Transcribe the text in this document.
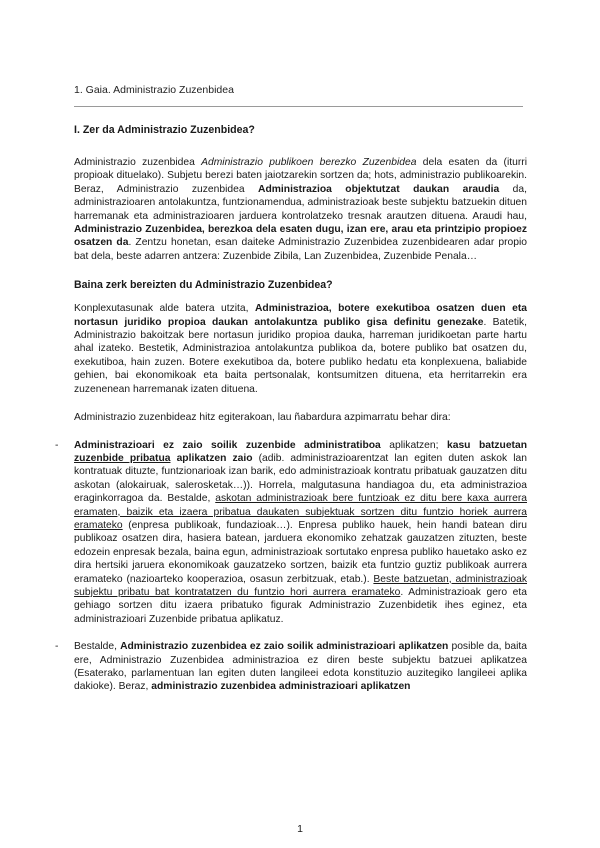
1. Gaia. Administrazio Zuzenbidea
I. Zer da Administrazio Zuzenbidea?

Administrazio zuzenbidea Administrazio publikoen berezko Zuzenbidea dela esaten da (iturri propioak dituelako). Subjetu berezi baten jaiotzarekin sortzen da; hots, administrazio publikoarekin. Beraz, Administrazio zuzenbidea Administrazioa objektutzat daukan araudia da, administrazioaren antolakuntza, funtzionamendua, administrazioak beste subjektu batzuekin dituen harremanak eta administrazioaren jarduera kontrolatzeko tresnak arautzen dituena. Araudi hau, Administrazio Zuzenbidea, berezkoa dela esaten dugu, izan ere, arau eta printzipio propioez osatzen da. Zentzu honetan, esan daiteke Administrazio Zuzenbidea zuzenbidearen adar propio bat dela, beste adarren antzera: Zuzenbide Zibila, Lan Zuzenbidea, Zuzenbide Penala…

Baina zerk bereizten du Administrazio Zuzenbidea?

Konplexutasunak alde batera utzita, Administrazioa, botere exekutiboa osatzen duen eta nortasun juridiko propioa daukan antolakuntza publiko gisa definitu genezake. Batetik, Administrazio bakoitzak bere nortasun juridiko propioa dauka, harreman juridikoetan parte hartu ahal izateko. Bestetik, Administrazioa antolakuntza publikoa da, botere publiko bat osatzen du, exekutiboa, hain zuzen. Botere exekutiboa da, botere publiko hedatu eta konplexuena, baliabide gehien, bai ekonomikoak eta baita pertsonalak, kontsumitzen dituena, eta herritarrekin era zuzenenean harremanak izaten dituena.

Administrazio zuzenbideaz hitz egiterakoan, lau ñabardura azpimarratu behar dira:

- Administrazioari ez zaio soilik zuzenbide administratiboa aplikatzen; kasu batzuetan zuzenbide pribatua aplikatzen zaio (adib. administrazioarentzat lan egiten duten askok lan kontratuak dituzte, funtzionarioak izan barik, edo administrazioak kontratu pribatuak gauzatzen ditu askotan (alokairuak, salerosketak…)). Horrela, malgutasuna handiagoa du, eta administrazioa eraginkorragoa da. Bestalde, askotan administrazioak bere funtzioak ez ditu bere kaxa aurrera eramaten, baizik eta izaera pribatua daukaten subjektuak sortzen ditu funtzio horiek aurrera eramateko (enpresa publikoak, fundazioak…). Enpresa publiko hauek, hein handi batean diru publikoaz osatzen dira, hasiera batean, jarduera ekonomiko zehatzak gauzatzen zituzten, beste edozein enpresak bezala, baina egun, administrazioak sortutako enpresa publiko hauetako asko ez dira hertsiki jaruera ekonomikoak gauzatzeko sortzen, baizik eta funtzio guztiz publikoak aurrera eramateko (nazioarteko kooperazioa, osasun zerbitzuak, etab.). Beste batzuetan, administrazioak subjektu pribatu bat kontratatzen du funtzio hori aurrera eramateko. Administrazioak gero eta gehiago sortzen ditu izaera pribatuko figurak Administrazio Zuzenbidetik ihes eginez, eta administrazioari Zuzenbide pribatua aplikatuz.
- Bestalde, Administrazio zuzenbidea ez zaio soilik administrazioari aplikatzen posible da, baita ere, Administrazio Zuzenbidea administrazioa ez diren beste subjektu batzuei aplikatzea (Esaterako, parlamentuan lan egiten duten langileei edota konstituzio auzitegiko langileei aplika dakioke). Beraz, administrazio zuzenbidea administrazioari aplikatzen
1
